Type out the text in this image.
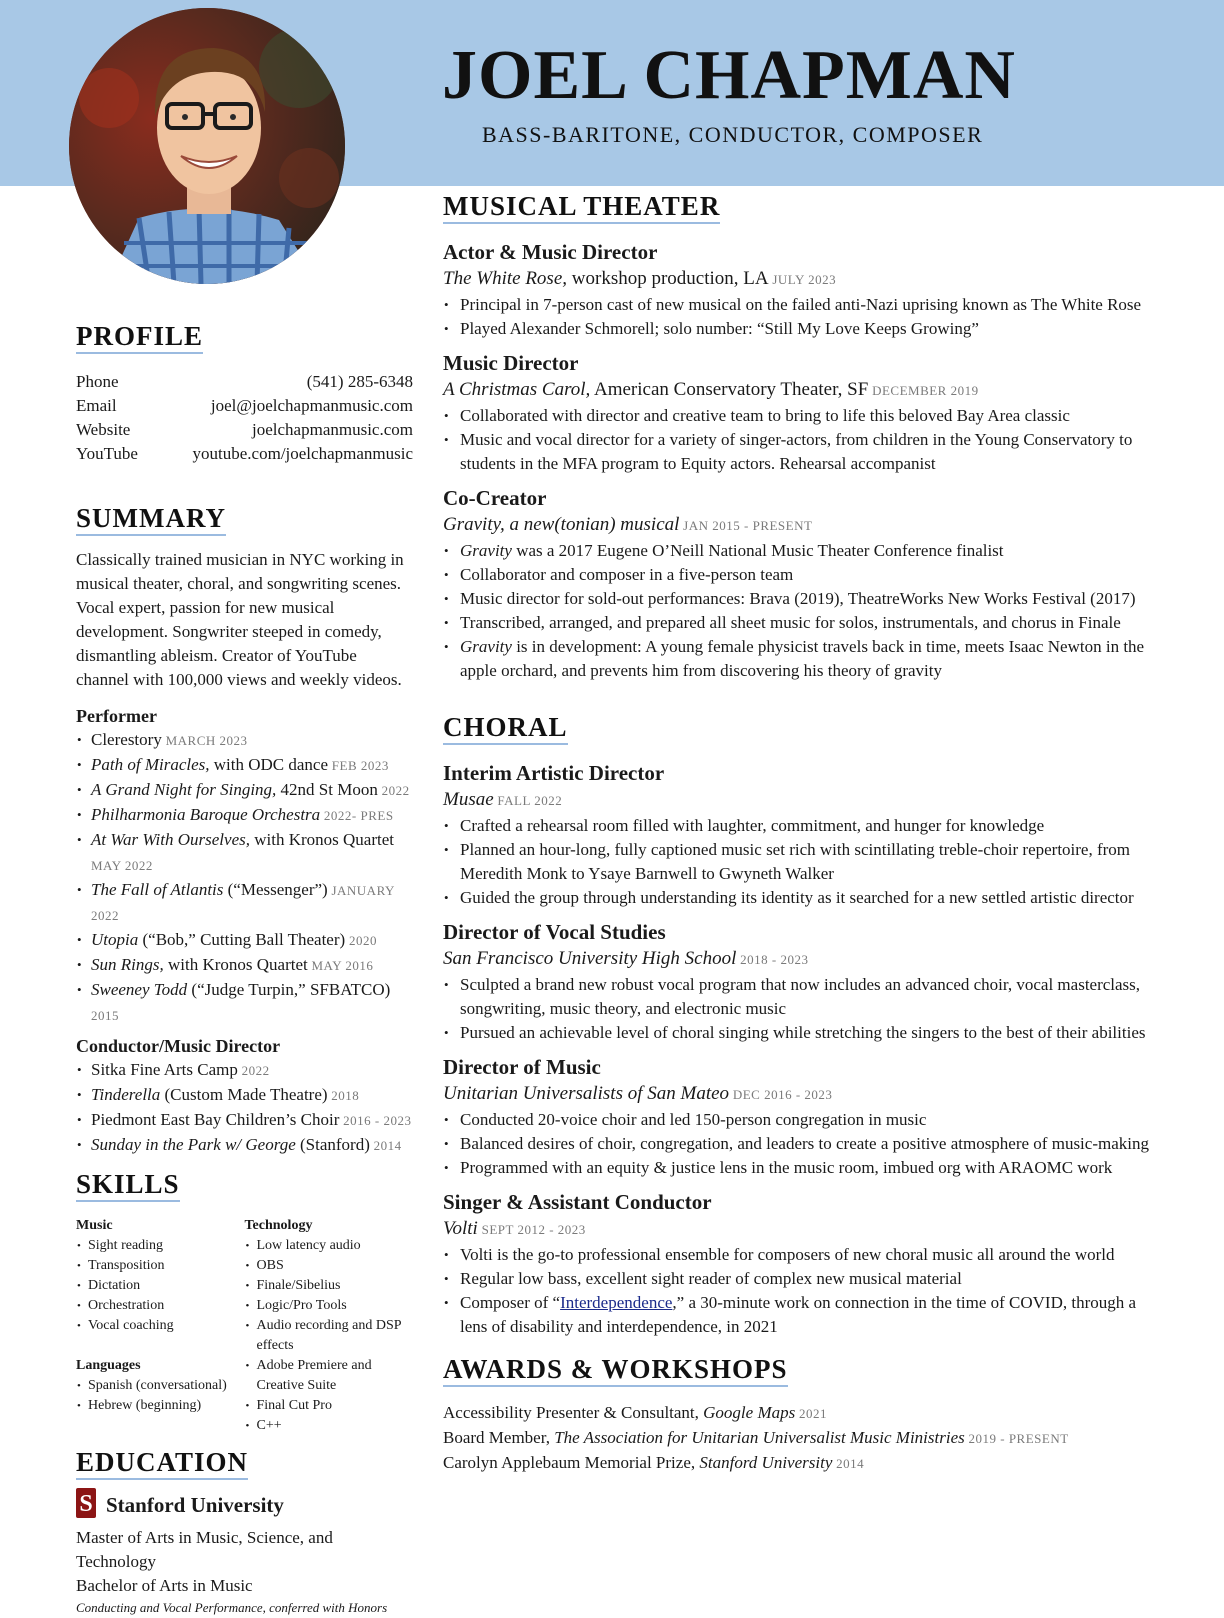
JOEL CHAPMAN
BASS-BARITONE, CONDUCTOR, COMPOSER
PROFILE
Phone	(541) 285-6348
Email	joel@joelchapmanmusic.com
Website	joelchapmanmusic.com
YouTube	youtube.com/joelchapmanmusic
SUMMARY

Classically trained musician in NYC working in musical theater, choral, and songwriting scenes. Vocal expert, passion for new musical development. Songwriter steeped in comedy, dismantling ableism. Creator of YouTube channel with 100,000 views and weekly videos.

Performer
• Clerestory MARCH 2023
• Path of Miracles, with ODC dance FEB 2023
• A Grand Night for Singing, 42nd St Moon 2022
• Philharmonia Baroque Orchestra 2022- PRES
• At War With Ourselves, with Kronos Quartet MAY 2022
• The Fall of Atlantis (“Messenger”) JANUARY 2022
• Utopia (“Bob,” Cutting Ball Theater) 2020
• Sun Rings, with Kronos Quartet MAY 2016
• Sweeney Todd (“Judge Turpin,” SFBATCO) 2015
Conductor/Music Director
• Sitka Fine Arts Camp 2022
• Tinderella (Custom Made Theatre) 2018
• Piedmont East Bay Children’s Choir 2016 - 2023
• Sunday in the Park w/ George (Stanford) 2014
SKILLS
Music
• Sight reading
• Transposition
• Dictation
• Orchestration
• Vocal coaching
Languages
• Spanish (conversational)
• Hebrew (beginning)
Technology
• Low latency audio
• OBS
• Finale/Sibelius
• Logic/Pro Tools
• Audio recording and DSP effects
• Adobe Premiere and Creative Suite
• Final Cut Pro
• C++
EDUCATION
S Stanford University
Master of Arts in Music, Science, and Technology
Bachelor of Arts in Music
Conducting and Vocal Performance, conferred with Honors
MUSICAL THEATER
Actor & Music Director
The White Rose, workshop production, LA JULY 2023
• Principal in 7-person cast of new musical on the failed anti-Nazi uprising known as The White Rose
• Played Alexander Schmorell; solo number: “Still My Love Keeps Growing”
Music Director
A Christmas Carol, American Conservatory Theater, SF DECEMBER 2019
• Collaborated with director and creative team to bring to life this beloved Bay Area classic
• Music and vocal director for a variety of singer-actors, from children in the Young Conservatory to students in the MFA program to Equity actors. Rehearsal accompanist
Co-Creator
Gravity, a new(tonian) musical JAN 2015 - PRESENT
• Gravity was a 2017 Eugene O’Neill National Music Theater Conference finalist
• Collaborator and composer in a five-person team
• Music director for sold-out performances: Brava (2019), TheatreWorks New Works Festival (2017)
• Transcribed, arranged, and prepared all sheet music for solos, instrumentals, and chorus in Finale
• Gravity is in development: A young female physicist travels back in time, meets Isaac Newton in the apple orchard, and prevents him from discovering his theory of gravity
CHORAL
Interim Artistic Director
Musae FALL 2022
• Crafted a rehearsal room filled with laughter, commitment, and hunger for knowledge
• Planned an hour-long, fully captioned music set rich with scintillating treble-choir repertoire, from Meredith Monk to Ysaye Barnwell to Gwyneth Walker
• Guided the group through understanding its identity as it searched for a new settled artistic director
Director of Vocal Studies
San Francisco University High School 2018 - 2023
• Sculpted a brand new robust vocal program that now includes an advanced choir, vocal masterclass, songwriting, music theory, and electronic music
• Pursued an achievable level of choral singing while stretching the singers to the best of their abilities
Director of Music
Unitarian Universalists of San Mateo DEC 2016 - 2023
• Conducted 20-voice choir and led 150-person congregation in music
• Balanced desires of choir, congregation, and leaders to create a positive atmosphere of music-making
• Programmed with an equity & justice lens in the music room, imbued org with ARAOMC work
Singer & Assistant Conductor
Volti SEPT 2012 - 2023
• Volti is the go-to professional ensemble for composers of new choral music all around the world
• Regular low bass, excellent sight reader of complex new musical material
• Composer of “Interdependence,” a 30-minute work on connection in the time of COVID, through a lens of disability and interdependence, in 2021
AWARDS & WORKSHOPS
Accessibility Presenter & Consultant, Google Maps 2021
Board Member, The Association for Unitarian Universalist Music Ministries 2019 - PRESENT
Carolyn Applebaum Memorial Prize, Stanford University 2014
